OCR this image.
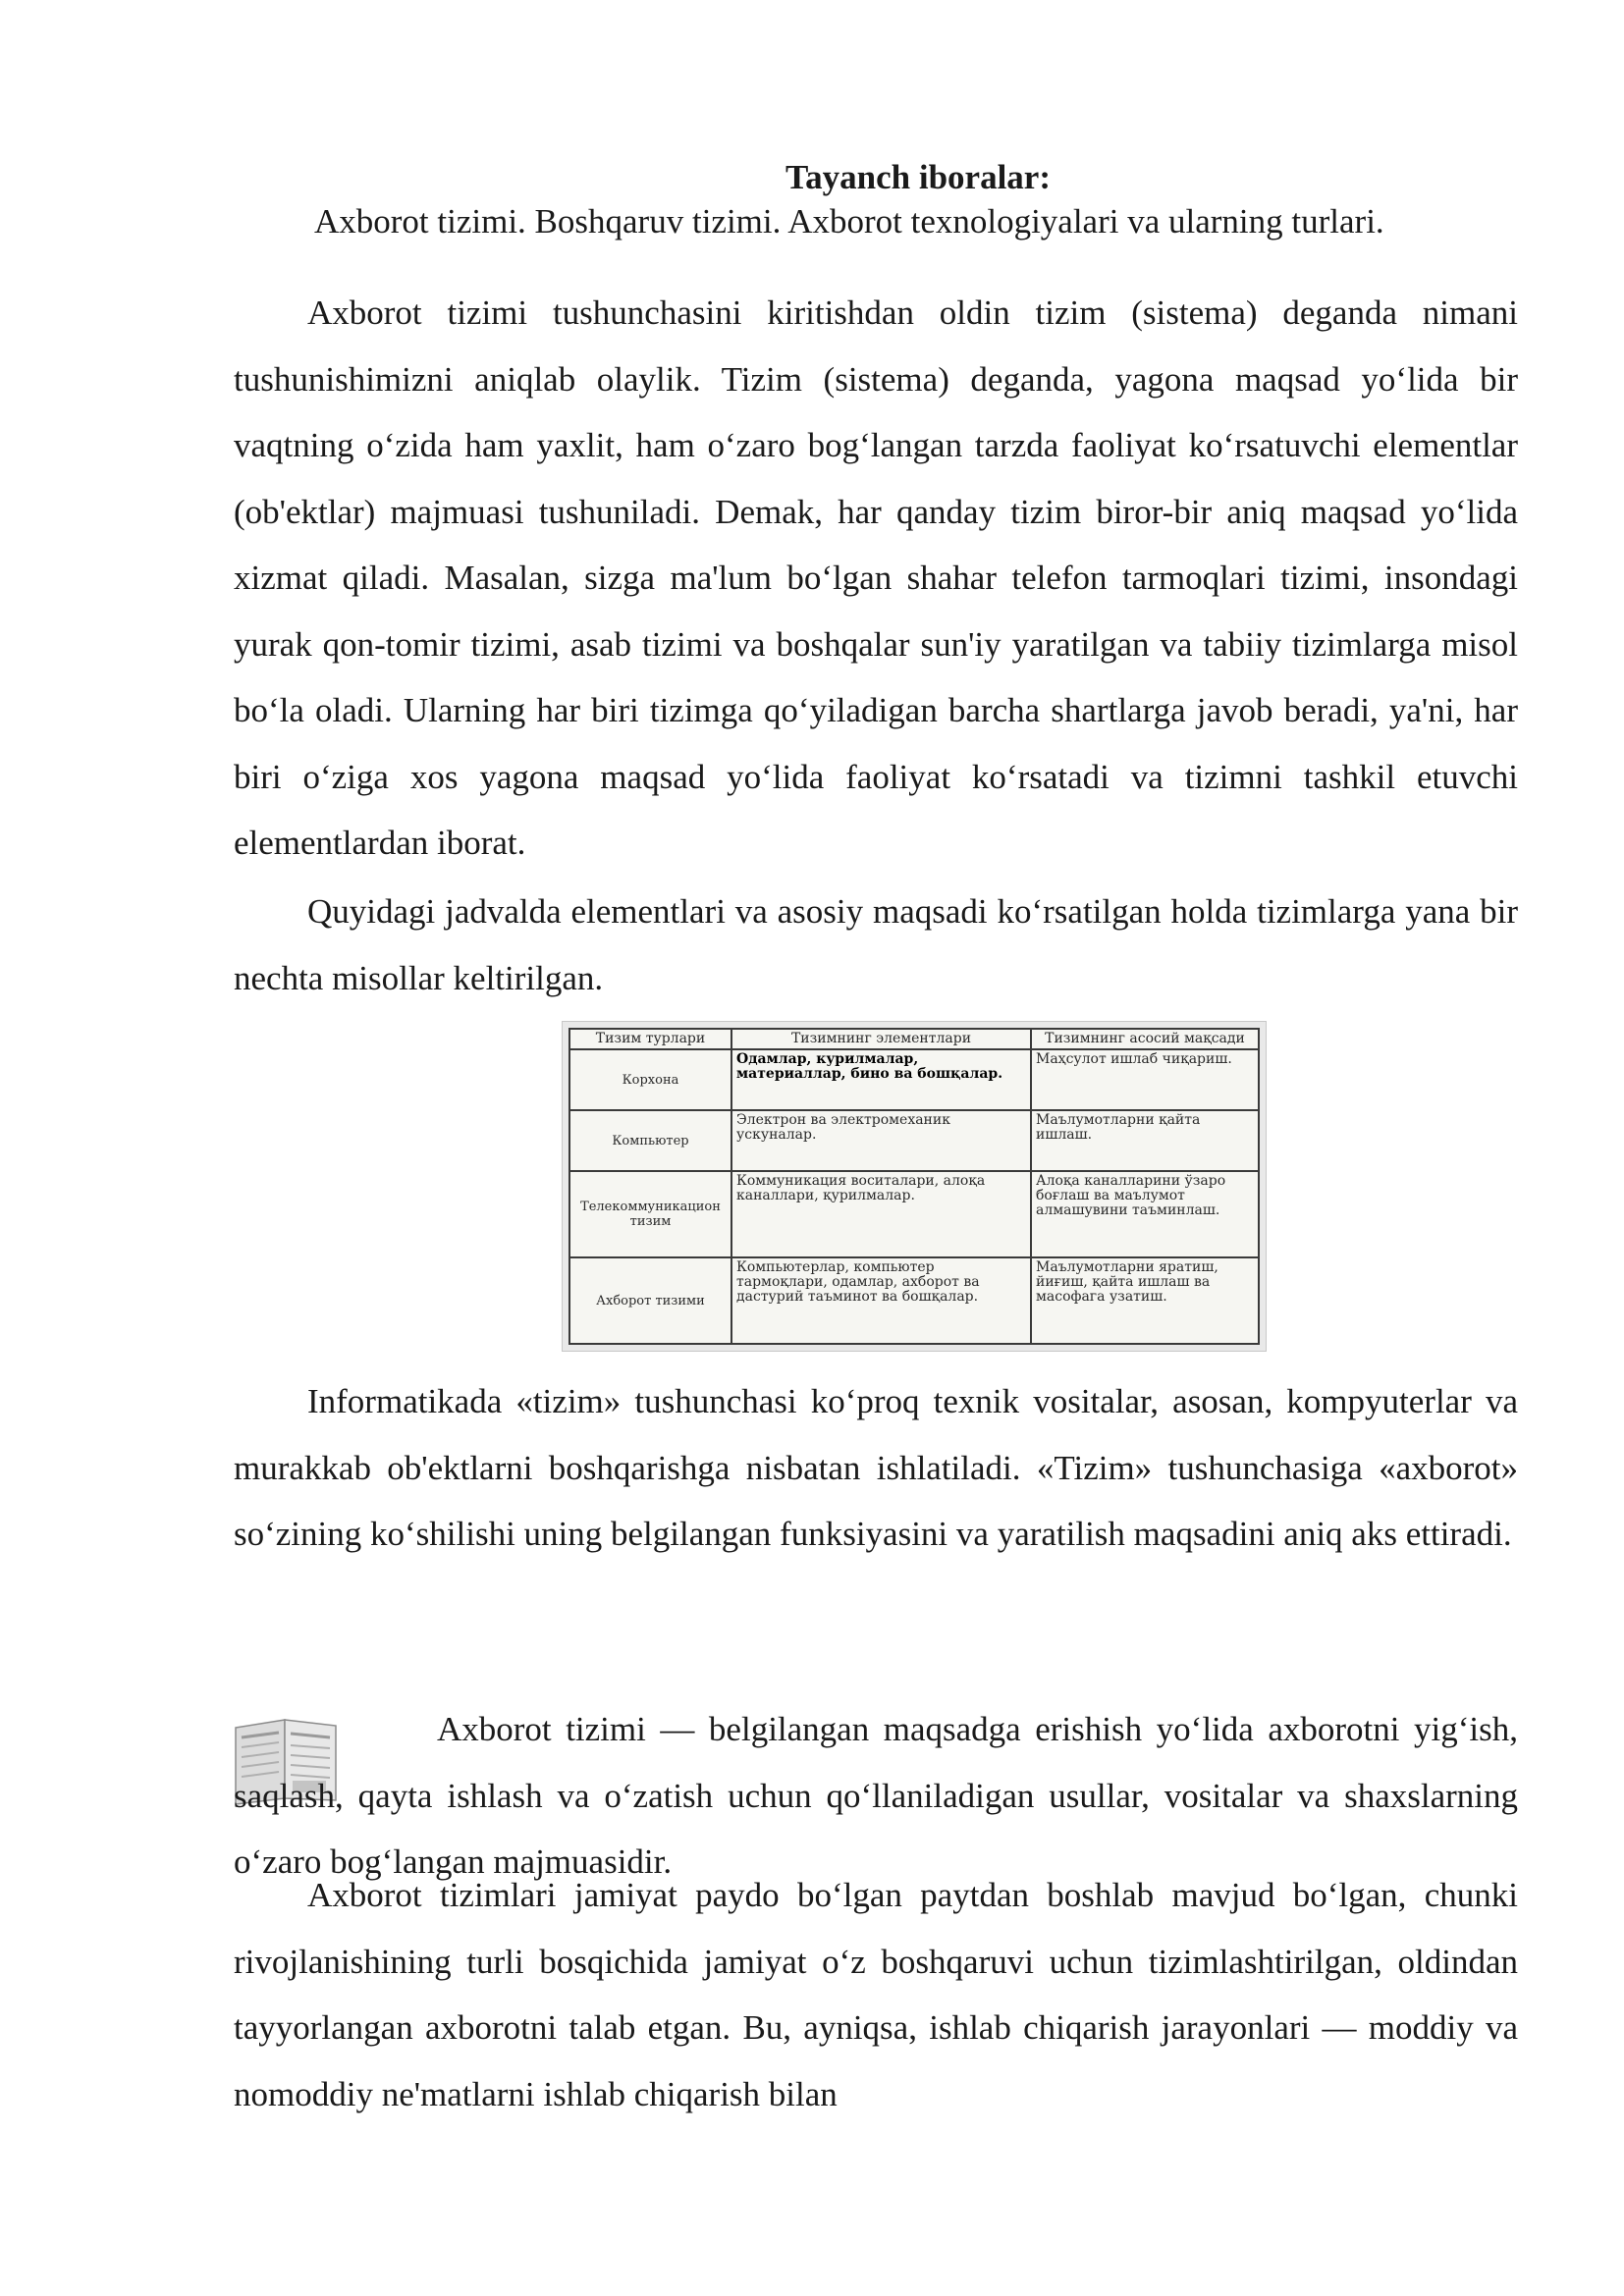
Tayanch iboralar:
Axborot tizimi. Boshqaruv tizimi. Axborot texnologiyalari va ularning turlari.

Axborot tizimi tushunchasini kiritishdan oldin tizim (sistema) deganda nimani tushunishimizni aniqlab olaylik. Tizim (sistema) deganda, yagona maqsad yo‘lida bir vaqtning o‘zida ham yaxlit, ham o‘zaro bog‘langan tarzda faoliyat ko‘rsatuvchi elementlar (ob'ektlar) majmuasi tushuniladi. Demak, har qanday tizim biror-bir aniq maqsad yo‘lida xizmat qiladi. Masalan, sizga ma'lum bo‘lgan shahar telefon tarmoqlari tizimi, insondagi yurak qon-tomir tizimi, asab tizimi va boshqalar sun'iy yaratilgan va tabiiy tizimlarga misol bo‘la oladi. Ularning har biri tizimga qo‘yiladigan barcha shartlarga javob beradi, ya'ni, har biri o‘ziga xos yagona maqsad yo‘lida faoliyat ko‘rsatadi va tizimni tashkil etuvchi elementlardan iborat.

Quyidagi jadvalda elementlari va asosiy maqsadi ko‘rsatilgan holda tizimlarga yana bir nechta misollar keltirilgan.

Тизим турлари	Тизимнинг элементлари	Тизимнинг асосий мақсади
Корхона	Одамлар, курилмалар, материаллар, бино ва бошқалар.	Маҳсулот ишлаб чиқариш.
Компьютер	Электрон ва электромеханик ускуналар.	Маълумотларни қайта ишлаш.
Телекоммуникацион тизим	Коммуникация воситалари, алоқа каналлари, қурилмалар.	Алоқа каналларини ўзаро боғлаш ва маълумот алмашувини таъминлаш.
Ахборот тизими	Компьютерлар, компьютер тармоқлари, одамлар, ахборот ва дастурий таъминот ва бошқалар.	Маълумотларни яратиш, йиғиш, қайта ишлаш ва масофага узатиш.

Informatikada «tizim» tushunchasi ko‘proq texnik vositalar, asosan, kompyuterlar va murakkab ob'ektlarni boshqarishga nisbatan ishlatiladi. «Tizim» tushunchasiga «axborot» so‘zining ko‘shilishi uning belgilangan funksiyasini va yaratilish maqsadini aniq aks ettiradi.

Axborot tizimi — belgilangan maqsadga erishish yo‘lida axborotni yig‘ish, saqlash, qayta ishlash va o‘zatish uchun qo‘llaniladigan usullar, vositalar va shaxslarning o‘zaro bog‘langan majmuasidir.

Axborot tizimlari jamiyat paydo bo‘lgan paytdan boshlab mavjud bo‘lgan, chunki rivojlanishining turli bosqichida jamiyat o‘z boshqaruvi uchun tizimlashtirilgan, oldindan tayyorlangan axborotni talab etgan. Bu, ayniqsa, ishlab chiqarish jarayonlari — moddiy va nomoddiy ne'matlarni ishlab chiqarish bilan
